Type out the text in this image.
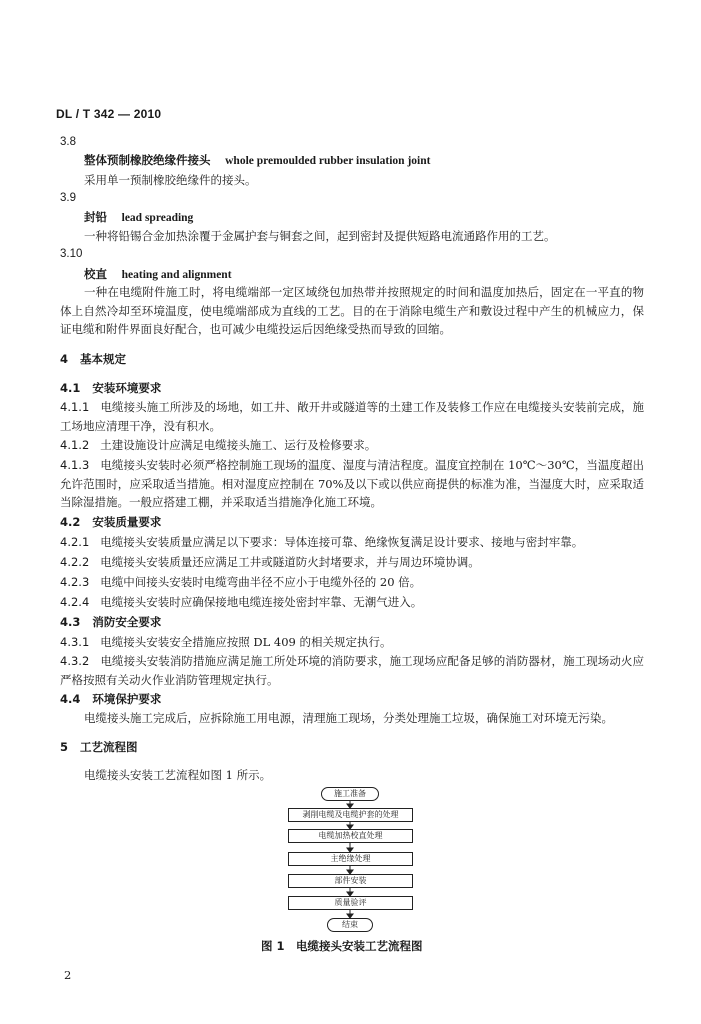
DL / T 342 — 2010
3.8
整体预制橡胶绝缘件接头 whole premoulded rubber insulation joint
采用单一预制橡胶绝缘件的接头。
3.9
封铅 lead spreading
一种将铅锡合金加热涂覆于金属护套与铜套之间，起到密封及提供短路电流通路作用的工艺。
3.10
校直 heating and alignment
一种在电缆附件施工时，将电缆端部一定区域绕包加热带并按照规定的时间和温度加热后，固定在一平直的物体上自然冷却至环境温度，使电缆端部成为直线的工艺。目的在于消除电缆生产和敷设过程中产生的机械应力，保证电缆和附件界面良好配合，也可减少电缆投运后因绝缘受热而导致的回缩。
4 基本规定
4.1 安装环境要求
4.1.1 电缆接头施工所涉及的场地，如工井、敞开井或隧道等的土建工作及装修工作应在电缆接头安装前完成，施工场地应清理干净，没有积水。
4.1.2 土建设施设计应满足电缆接头施工、运行及检修要求。
4.1.3 电缆接头安装时必须严格控制施工现场的温度、湿度与清洁程度。温度宜控制在 10℃～30℃，当温度超出允许范围时，应采取适当措施。相对湿度应控制在 70%及以下或以供应商提供的标准为准，当湿度大时，应采取适当除湿措施。一般应搭建工棚，并采取适当措施净化施工环境。
4.2 安装质量要求
4.2.1 电缆接头安装质量应满足以下要求：导体连接可靠、绝缘恢复满足设计要求、接地与密封牢靠。
4.2.2 电缆接头安装质量还应满足工井或隧道防火封堵要求，并与周边环境协调。
4.2.3 电缆中间接头安装时电缆弯曲半径不应小于电缆外径的 20 倍。
4.2.4 电缆接头安装时应确保接地电缆连接处密封牢靠、无潮气进入。
4.3 消防安全要求
4.3.1 电缆接头安装安全措施应按照 DL 409 的相关规定执行。
4.3.2 电缆接头安装消防措施应满足施工所处环境的消防要求，施工现场应配备足够的消防器材，施工现场动火应严格按照有关动火作业消防管理规定执行。
4.4 环境保护要求
电缆接头施工完成后，应拆除施工用电源，清理施工现场，分类处理施工垃圾，确保施工对环境无污染。
5 工艺流程图
电缆接头安装工艺流程如图 1 所示。
施工准备
剥削电缆及电缆护套的处理
电缆加热校直处理
主绝缘处理
部件安装
质量验评
结束
图 1　电缆接头安装工艺流程图
2
